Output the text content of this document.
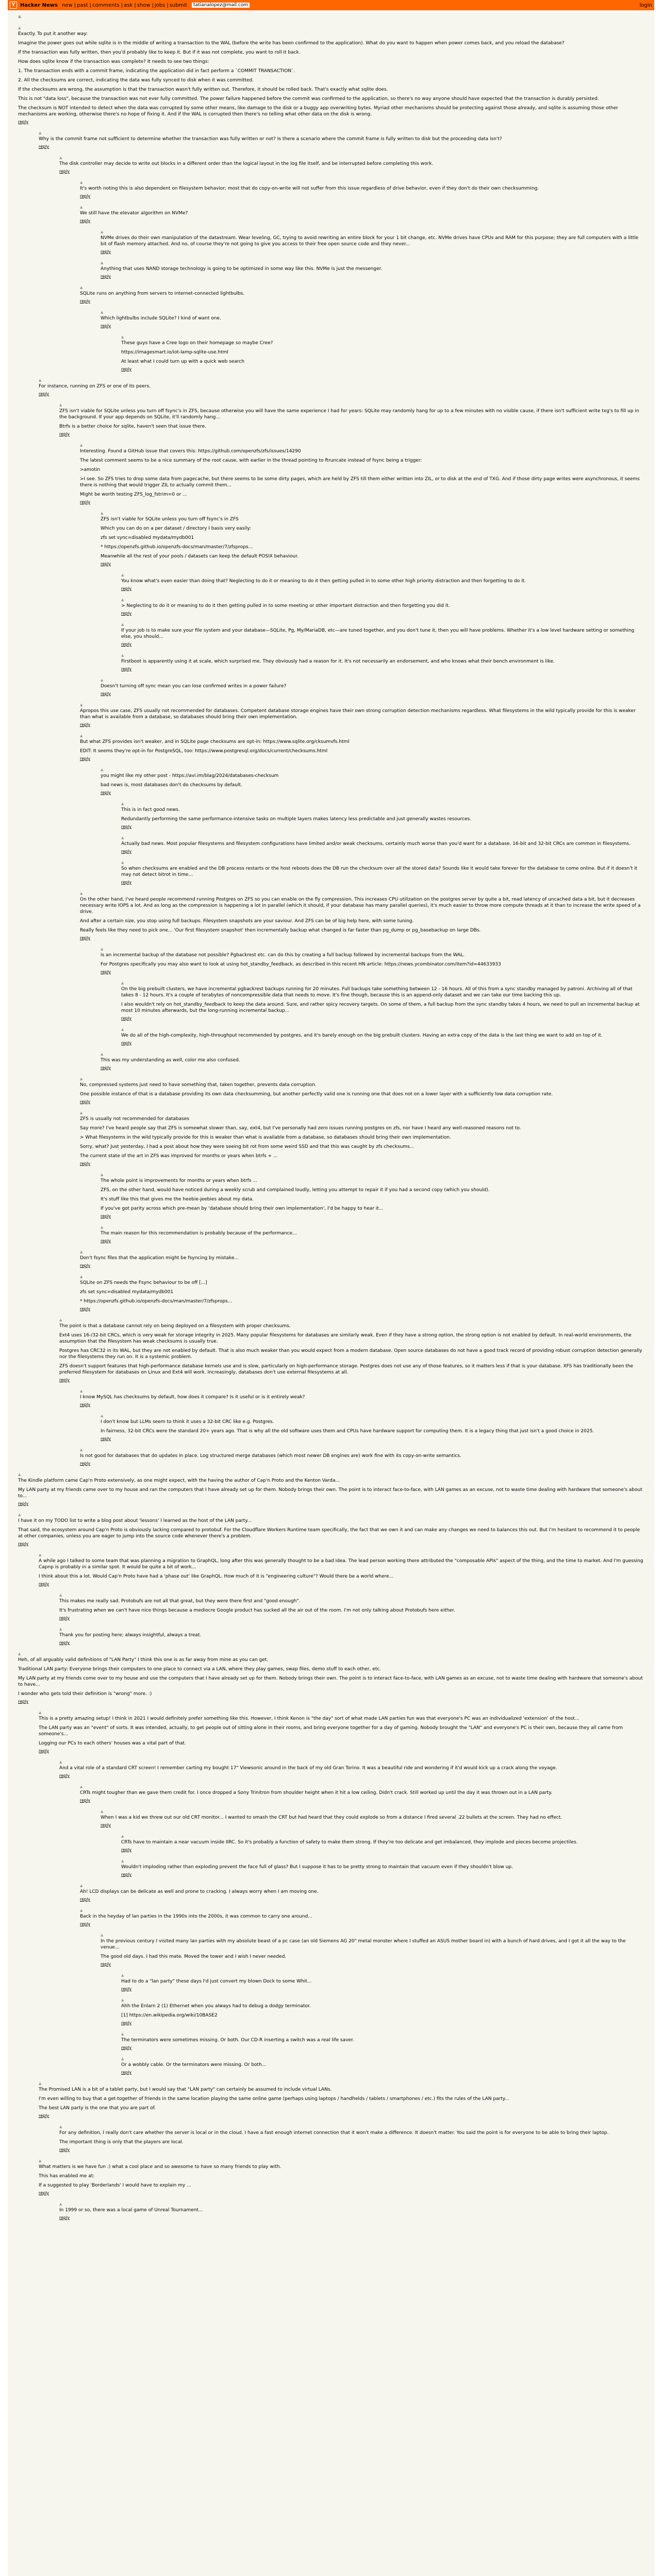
Y Hacker News new | past | comments | ask | show | jobs | submit	tatianalopez@mail.com	login
▲
▲

Exactly. To put it another way:

Imagine the power goes out while sqlite is in the middle of writing a transaction to the WAL (before the write has been confirmed to the application). What do you want to happen when power comes back, and you reload the database?

If the transaction was fully written, then you'd probably like to keep it. But if it was not complete, you want to roll it back.

How does sqlite know if the transaction was complete? It needs to see two things:

1. The transaction ends with a commit frame, indicating the application did in fact perform a `COMMIT TRANSACTION`.

2. All the checksums are correct, indicating the data was fully synced to disk when it was committed.

If the checksums are wrong, the assumption is that the transaction wasn't fully written out. Therefore, it should be rolled back. That's exactly what sqlite does.

This is not "data loss", because the transaction was not ever fully committed. The power failure happened before the commit was confirmed to the application, so there's no way anyone should have expected that the transaction is durably persisted.

The checksum is NOT intended to detect when the data was corrupted by some other means, like damage to the disk or a buggy app overwriting bytes. Myriad other mechanisms should be protecting against those already, and sqlite is assuming those other mechanisms are working, otherwise there's no hope of fixing it. And if the WAL is corrupted then there's no telling what other data on the disk is wrong.

reply
▲

Why is the commit frame not sufficient to determine whether the transaction was fully written or not? Is there a scenario where the commit frame is fully written to disk but the proceeding data isn't?

reply
▲

The disk controller may decide to write out blocks in a different order than the logical layout in the log file itself, and be interrupted before completing this work.

reply
▲

It's worth noting this is also dependent on filesystem behavior; most that do copy-on-write will not suffer from this issue regardless of drive behavior, even if they don't do their own checksumming.

reply
▲

We still have the elevator algorithm on NVMe?

reply
▲

NVMe drives do their own manipulation of the datastream. Wear leveling, GC, trying to avoid rewriting an entire block for your 1 bit change, etc. NVMe drives have CPUs and RAM for this purpose; they are full computers with a little bit of flash memory attached. And no, of course they're not going to give you access to their free open source code and they never...

reply
▲

Anything that uses NAND storage technology is going to be optimized in some way like this. NVMe is just the messenger.

reply
▲

SQLite runs on anything from servers to internet-connected lightbulbs.

reply
▲

Which lightbulbs include SQLite? I kind of want one.

reply
▲

These guys have a Cree logo on their homepage so maybe Cree?

https://imagesmart.io/iot-lamp-sqlite-use.html

At least what I could turn up with a quick web search

reply
▲

For instance, running on ZFS or one of its peers.

reply
▲

ZFS isn't viable for SQLite unless you turn off fsync's in ZFS, because otherwise you will have the same experience I had for years: SQLite may randomly hang for up to a few minutes with no visible cause, if there isn't sufficient write txg's to fill up in the background. If your app depends on SQLite, it'll randomly hang...

Btrfs is a better choice for sqlite, haven't seen that issue there.

reply
▲

Interesting. Found a GitHub issue that covers this: https://github.com/openzfs/zfs/issues/14290

The latest comment seems to be a nice summary of the root cause, with earlier in the thread pointing to ftruncate instead of fsync being a trigger:

>amotin

>I see. So ZFS tries to drop some data from pagecache, but there seems to be some dirty pages, which are held by ZFS till them either written into ZIL, or to disk at the end of TXG. And if those dirty page writes were asynchronous, it seems there is nothing that would trigger ZIL to actually commit them...

Might be worth testing ZFS_log_fstrim=0 or ...

reply
▲

ZFS isn't viable for SQLite unless you turn off fsync's in ZFS

Which you can do on a per dataset / directory I basis very easily:

zfs set sync=disabled mydata/mydb001

* https://openzfs.github.io/openzfs-docs/man/master/7/zfsprops...

Meanwhile all the rest of your pools / datasets can keep the default POSIX behaviour.

reply
▲

You know what's even easier than doing that? Neglecting to do it or meaning to do it then getting pulled in to some other high priority distraction and then forgetting to do it.

reply
▲

> Neglecting to do it or meaning to do it then getting pulled in to some meeting or other important distraction and then forgetting you did it.

reply
▲

If your job is to make sure your file system and your database—SQLite, Pg, My/MariaDB, etc—are tuned together, and you don't tune it, then you will have problems. Whether it's a low level hardware setting or something else, you should...

reply
▲

Firstboot is apparently using it at scale, which surprised me. They obviously had a reason for it. It's not necessarily an endorsement, and who knows what their bench environment is like.

reply
▲

Doesn't turning off sync mean you can lose confirmed writes in a power failure?

reply
▲

Apropos this use case, ZFS usually not recommended for databases. Competent database storage engines have their own strong corruption detection mechanisms regardless. What filesystems in the wild typically provide for this is weaker than what is available from a database, so databases should bring their own implementation.

reply
▲

But what ZFS provides isn't weaker, and in SQLite page checksums are opt-in: https://www.sqlite.org/cksumvfs.html

EDIT: It seems they're opt-in for PostgreSQL, too: https://www.postgresql.org/docs/current/checksums.html

reply
▲

you might like my other post - https://avi.im/blag/2024/databases-checksum

bad news is, most databases don't do checksums by default.

reply
▲

This is in fact good news.

Redundantly performing the same performance-intensive tasks on multiple layers makes latency less predictable and just generally wastes resources.

reply
▲

Actually bad news. Most popular filesystems and filesystem configurations have limited and/or weak checksums, certainly much worse than you'd want for a database. 16-bit and 32-bit CRCs are common in filesystems.

reply
▲

So when checksums are enabled and the DB process restarts or the host reboots does the DB run the checksum over all the stored data? Sounds like it would take forever for the database to come online. But if it doesn't it may not detect bitrot in time...

reply
▲

On the other hand, I've heard people recommend running Postgres on ZFS so you can enable on the fly compression. This increases CPU utilization on the postgres server by quite a bit, read latency of uncached data a bit, but it decreases necessary write IOPS a lot. And as long as the compression is happening a lot in parallel (which it should, if your database has many parallel queries), it's much easier to throw more compute threads at it than to increase the write speed of a drive.

And after a certain size, you stop using full backups. Filesystem snapshots are your saviour. And ZFS can be of big help here, with some tuning.

Really feels like they need to pick one... 'Our first filesystem snapshot' then incrementally backup what changed is far faster than pg_dump or pg_basebackup on large DBs.

reply
▲

is an incremental backup of the database not possible? Pgbackrest etc. can do this by creating a full backup followed by incremental backups from the WAL.

For Postgres specifically you may also want to look at using hot_standby_feedback, as described in this recent HN article: https://news.ycombinator.com/item?id=44633933

reply
▲

On the big prebuilt clusters, we have incremental pgbackrest backups running for 20 minutes. Full backups take something between 12 - 16 hours. All of this from a sync standby managed by patroni. Archiving all of that takes 8 - 12 hours. It's a couple of terabytes of noncompressible data that needs to move. It's fine though, because this is an append-only dataset and we can take our time backing this up.

I also wouldn't rely on hot_standby_feedback to keep the data around. Sure, and rather spicy recovery targets. On some of them, a full backup from the sync standby takes 4 hours, we need to pull an incremental backup at most 10 minutes afterwards, but the long-running incremental backup...

reply
▲

We do all of the high-complexity, high-throughput recommended by postgres, and it's barely enough on the big prebuilt clusters. Having an extra copy of the data is the last thing we want to add on top of it.

reply
▲

This was my understanding as well, color me also confused.

reply
▲

No, compressed systems just need to have something that, taken together, prevents data corruption.

One possible instance of that is a database providing its own data checksumming, but another perfectly valid one is running one that does not on a lower layer with a sufficiently low data corruption rate.

reply
▲

ZFS is usually not recommended for databases

Say more? I've heard people say that ZFS is somewhat slower than, say, ext4, but I've personally had zero issues running postgres on zfs, nor have I heard any well-reasoned reasons not to.

> What filesystems in the wild typically provide for this is weaker than what is available from a database, so databases should bring their own implementation.

Sorry, what? Just yesterday, I had a post about how they were seeing bit rot from some weird SSD and that this was caught by zfs checksums...

The current state of the art in ZFS was improved for months or years when btrfs + ...

reply
▲

The whole point is improvements for months or years when btrfs ...

ZFS, on the other hand, would have noticed during a weekly scrub and complained loudly, letting you attempt to repair it if you had a second copy (which you should).

It's stuff like this that gives me the heebie-jeebies about my data.

If you've got parity across which pre-mean by 'database should bring their own implementation', I'd be happy to hear it...

reply
▲

The main reason for this recommendation is probably because of the performance...

reply
▲

Don't fsync files that the application might be fsyncing by mistake...

reply
▲

SQLite on ZFS needs the Fsync behaviour to be off [...]

zfs set sync=disabled mydata/mydb001

* https://openzfs.github.io/openzfs-docs/man/master/7/zfsprops...

reply
▲

The point is that a database cannot rely on being deployed on a filesystem with proper checksums.

Ext4 uses 16-/32-bit CRCs, which is very weak for storage integrity in 2025. Many popular filesystems for databases are similarly weak. Even if they have a strong option, the strong option is not enabled by default. In real-world environments, the assumption that the filesystem has weak checksums is usually true.

Postgres has CRC32 in its WAL, but they are not enabled by default. That is also much weaker than you would expect from a modern database. Open source databases do not have a good track record of providing robust corruption detection generally nor the filesystems they run on. It is a systemic problem.

ZFS doesn't support features that high-performance database kernels use and is slow, particularly on high-performance storage. Postgres does not use any of those features, so it matters less if that is your database. XFS has traditionally been the preferred filesystem for databases on Linux and Ext4 will work. Increasingly, databases don't use external filesystems at all.

reply
▲

I know MySQL has checksums by default, how does it compare? Is it useful or is it entirely weak?

reply
▲

I don't know but LLMs seem to think it uses a 32-bit CRC like e.g. Postgres.

In fairness, 32-bit CRCs were the standard 20+ years ago. That is why all the old software uses them and CPUs have hardware support for computing them. It is a legacy thing that just isn't a good choice in 2025.

reply
▲

Is not good for databases that do updates in place. Log structured merge databases (which most newer DB engines are) work fine with its copy-on-write semantics.

reply
▲

The Kindle platform came Cap'n Proto extensively, as one might expect, with the having the author of Cap'n Proto and the Kenton Varda...

My LAN party at my friends came over to my house and ran the computers that I have already set up for them. Nobody brings their own. The point is to interact face-to-face, with LAN games as an excuse, not to waste time dealing with hardware that someone's about to...

reply
▲

I have it on my TODO list to write a blog post about 'lessons' I learned as the host of the LAN party...

That said, the ecosystem around Cap'n Proto is obviously lacking compared to protobuf. For the Cloudflare Workers Runtime team specifically, the fact that we own it and can make any changes we need to balances this out. But I'm hesitant to recommend it to people at other companies, unless you are eager to jump into the source code whenever there's a problem.

reply
▲

A while ago I talked to some team that was planning a migration to GraphQL, long after this was generally thought to be a bad idea. The lead person working there attributed the "composable APIs" aspect of the thing, and the time to market. And I'm guessing Capnp is probably in a similar spot. It would be quite a bit of work...

I think about this a lot. Would Cap'n Proto have had a 'phase out' like GraphQL. How much of it is "engineering culture"? Would there be a world where...

reply
▲

This makes me really sad. Protobufs are not all that great, but they were there first and "good enough".

It's frustrating when we can't have nice things because a mediocre Google product has sucked all the air out of the room. I'm not only talking about Protobufs here either.

reply
▲

Thank you for posting here; always insightful, always a treat.

reply
▲

Heh, of all arguably valid definitions of "LAN Party" I think this one is as far away from mine as you can get.

Traditional LAN party: Everyone brings their computers to one place to connect via a LAN, where they play games, swap files, demo stuff to each other, etc.

My LAN party at my friends come over to my house and use the computers that I have already set up for them. Nobody brings their own. The point is to interact face-to-face, with LAN games as an excuse, not to waste time dealing with hardware that someone's about to have...

I wonder who gets told their definition is "wrong" more. :)

reply
▲

This is a pretty amazing setup! I think in 2021 I would definitely prefer something like this. However, I think Kenon is "the day" sort of what made LAN parties fun was that everyone's PC was an individualized 'extension' of the host...

The LAN party was an "event" of sorts. It was intended, actually, to get people out of sitting alone in their rooms, and bring everyone together for a day of gaming. Nobody brought the "LAN" and everyone's PC is their own, because they all came from someone's...

Logging our PCs to each others' houses was a vital part of that.

reply
▲

And a vital role of a standard CRT screen! I remember carting my bought 17" Viewsonic around in the back of my old Gran Torino. It was a beautiful ride and wondering if it'd would kick up a crack along the voyage.

reply
▲

CRTs might tougher than we gave them credit for. I once dropped a Sony Trinitron from shoulder height when it hit a low ceiling. Didn't crack. Still worked up until the day it was thrown out in a LAN party.

reply
▲

When I was a kid we threw out our old CRT monitor... I wanted to smash the CRT but had heard that they could explode so from a distance I fired several .22 bullets at the screen. They had no effect.

reply
▲

CRTs have to maintain a near vacuum inside IIRC. So it's probably a function of safety to make them strong. If they're too delicate and get imbalanced, they implode and pieces become projectiles.

reply
▲

Wouldn't imploding rather than exploding prevent the face full of glass? But I suppose it has to be pretty strong to maintain that vacuum even if they shouldn't blow up.

reply
▲

Ah! LCD displays can be delicate as well and prone to cracking. I always worry when I am moving one.

reply
▲

Back in the heyday of lan parties in the 1990s into the 2000s, it was common to carry one around...

reply
▲

In the previous century I visited many lan parties with my absolute beast of a pc case (an old Siemens AG 20" metal monster where I stuffed an ASUS mother board in) with a bunch of hard drives, and I got it all the way to the venue...

The good old days. I had this mate. Moved the tower and I wish I never needed.

reply
▲

Had to do a "lan party" these days I'd just convert my blown Dock to some Whit...

reply
▲

Ahh the Enlarn 2 (1) Ethernet when you always had to debug a dodgy terminator.

[1] https://en.wikipedia.org/wiki/10BASE2

reply
▲

The terminators were sometimes missing. Or both. Our CD-R inserting a switch was a real life saver.

reply
▲

Or a wobbly cable. Or the terminators were missing. Or both...

reply
▲

The Promised LAN is a bit of a tablet party, but I would say that "LAN party" can certainly be assumed to include virtual LANs.

I'm even willing to buy that a get-together of friends in the same location playing the same online game (perhaps using laptops / handhelds / tablets / smartphones / etc.) fits the rules of the LAN party...

The best LAN party is the one that you are part of.

reply
▲

For any definition, I really don't care whether the server is local or in the cloud. I have a fast enough internet connection that it won't make a difference. It doesn't matter. You said the point is for everyone to be able to bring their laptop.

The important thing is only that the players are local.

reply
▲

What matters is we have fun :) what a cool place and so awesome to have so many friends to play with.

This has enabled me at:

If a suggested to play 'Borderlands' I would have to explain my ...

reply
▲

In 1999 or so, there was a local game of Unreal Tournament...

reply
